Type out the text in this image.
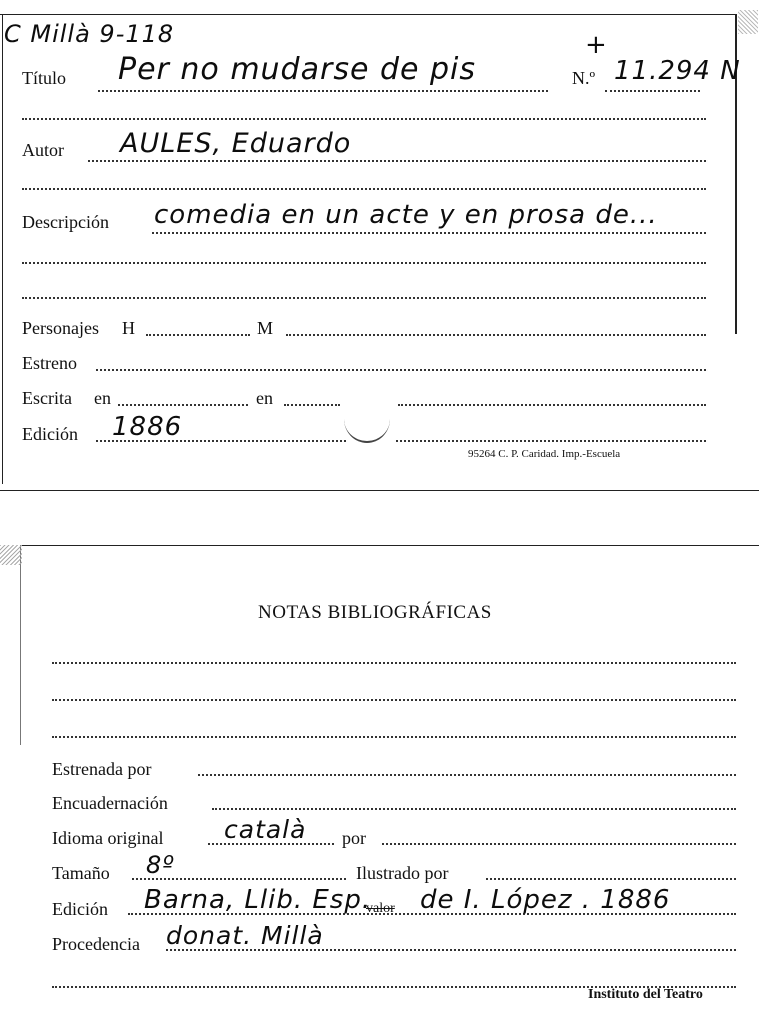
C Millà 9-118	+
Título Per no mudarse de pis	N.º 11.294 N
Autor AULES, Eduardo
Descripción comedia en un acte y en prosa de...
Personajes H	M
Estreno
Escrita en	en
Edición 1886
95264 C. P. Caridad. Imp.-Escuela
NOTAS BIBLIOGRÁFICAS
Estrenada por
Encuadernación
Idioma original català por
Tamaño 8º	Ilustrado por
Edición Barna, Llib. Esp.
valor de I. López . 1886
Procedencia donat. Millà
Instituto del Teatro
